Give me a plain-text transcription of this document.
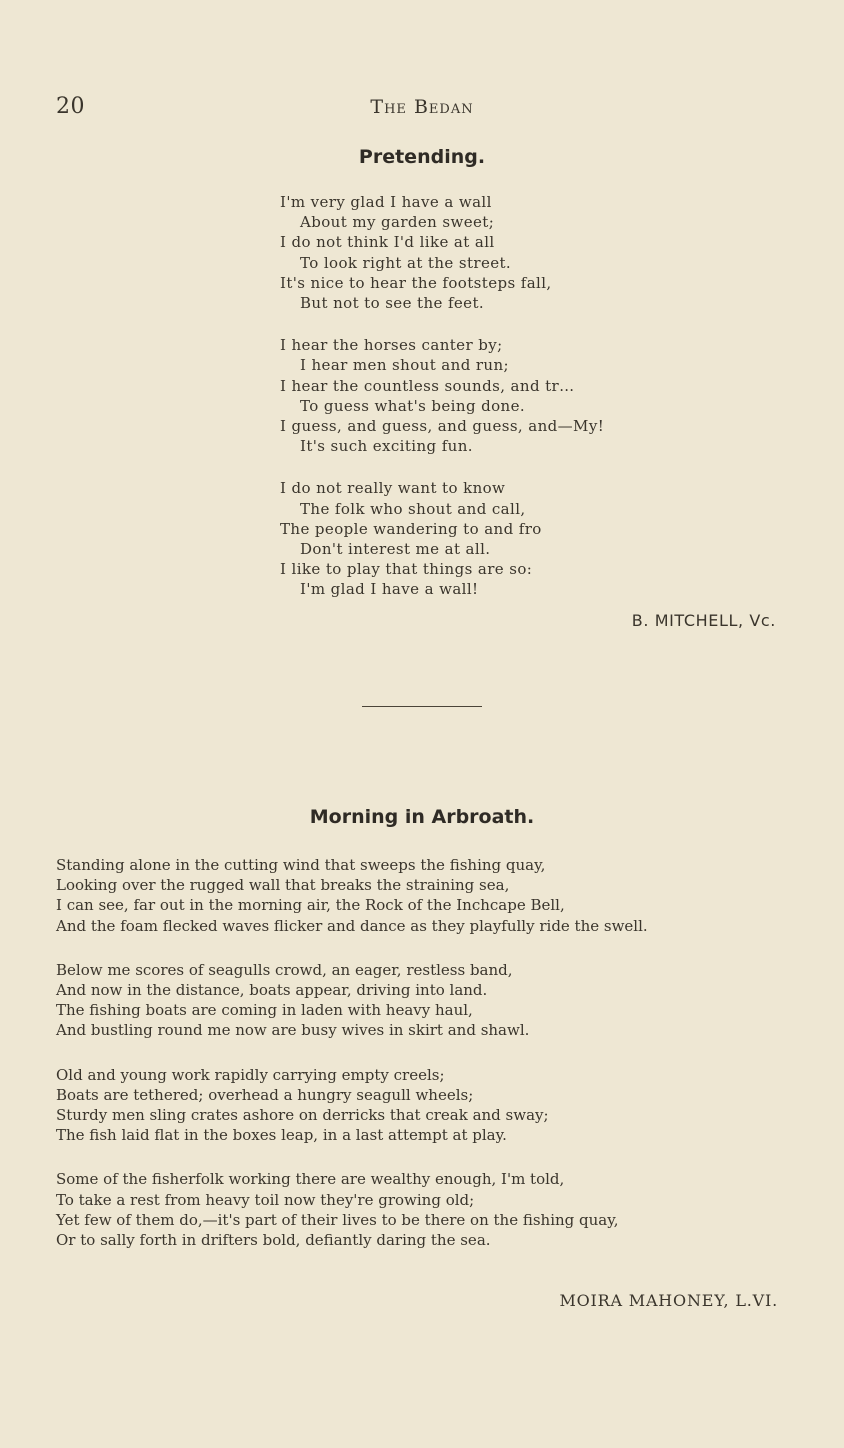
20	The Bedan
Pretending.
I'm very glad I have a wall
About my garden sweet;
I do not think I'd like at all
To look right at the street.
It's nice to hear the footsteps fall,
But not to see the feet.
I hear the horses canter by;
I hear men shout and run;
I hear the countless sounds, and tr…
To guess what's being done.
I guess, and guess, and guess, and—My!
It's such exciting fun.
I do not really want to know
The folk who shout and call,
The people wandering to and fro
Don't interest me at all.
I like to play that things are so:
I'm glad I have a wall!
B. MITCHELL, Vc.
Morning in Arbroath.
Standing alone in the cutting wind that sweeps the fishing quay,
Looking over the rugged wall that breaks the straining sea,
I can see, far out in the morning air, the Rock of the Inchcape Bell,
And the foam flecked waves flicker and dance as they playfully ride the swell.
Below me scores of seagulls crowd, an eager, restless band,
And now in the distance, boats appear, driving into land.
The fishing boats are coming in laden with heavy haul,
And bustling round me now are busy wives in skirt and shawl.
Old and young work rapidly carrying empty creels;
Boats are tethered; overhead a hungry seagull wheels;
Sturdy men sling crates ashore on derricks that creak and sway;
The fish laid flat in the boxes leap, in a last attempt at play.
Some of the fisherfolk working there are wealthy enough, I'm told,
To take a rest from heavy toil now they're growing old;
Yet few of them do,—it's part of their lives to be there on the fishing quay,
Or to sally forth in drifters bold, defiantly daring the sea.
MOIRA MAHONEY, L.VI.
